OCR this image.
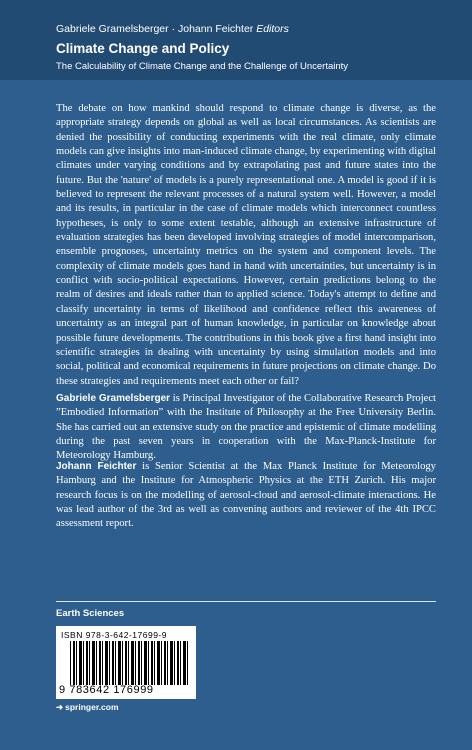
Gabriele Gramelsberger · Johann Feichter Editors
Climate Change and Policy
The Calculability of Climate Change and the Challenge of Uncertainty

The debate on how mankind should respond to climate change is diverse, as the appropriate strategy depends on global as well as local circumstances. As scientists are denied the possibility of conducting experiments with the real climate, only climate models can give insights into man-induced climate change, by experimenting with digital climates under varying conditions and by extrapolating past and future states into the future. But the 'nature' of models is a purely representational one. A model is good if it is believed to represent the relevant processes of a natural system well. However, a model and its results, in particular in the case of climate models which interconnect countless hypotheses, is only to some extent testable, although an extensive infrastructure of evaluation strategies has been developed involving strategies of model intercomparison, ensemble prognoses, uncertainty metrics on the system and component levels. The complexity of climate models goes hand in hand with uncertainties, but uncertainty is in conflict with socio-political expectations. However, certain predictions belong to the realm of desires and ideals rather than to applied science. Today's attempt to define and classify uncertainty in terms of likelihood and confidence reflect this awareness of uncertainty as an integral part of human knowledge, in particular on knowledge about possible future developments. The contributions in this book give a first hand insight into scientific strategies in dealing with uncertainty by using simulation models and into social, political and economical requirements in future projections on climate change. Do these strategies and requirements meet each other or fail?

Gabriele Gramelsberger is Principal Investigator of the Collaborative Research Project ”Embodied Information” with the Institute of Philosophy at the Free University Berlin. She has carried out an extensive study on the practice and epistemic of climate modelling during the past seven years in cooperation with the Max-Planck-Institute for Meteorology Hamburg.

Johann Feichter is Senior Scientist at the Max Planck Institute for Meteorology Hamburg and the Institute for Atmospheric Physics at the ETH Zurich. His major research focus is on the modelling of aerosol-cloud and aerosol-climate interactions. He was lead author of the 3rd as well as convening authors and reviewer of the 4th IPCC assessment report.

Earth Sciences
ISBN 978-3-642-17699-9
9 783642 176999
➜ springer.com
